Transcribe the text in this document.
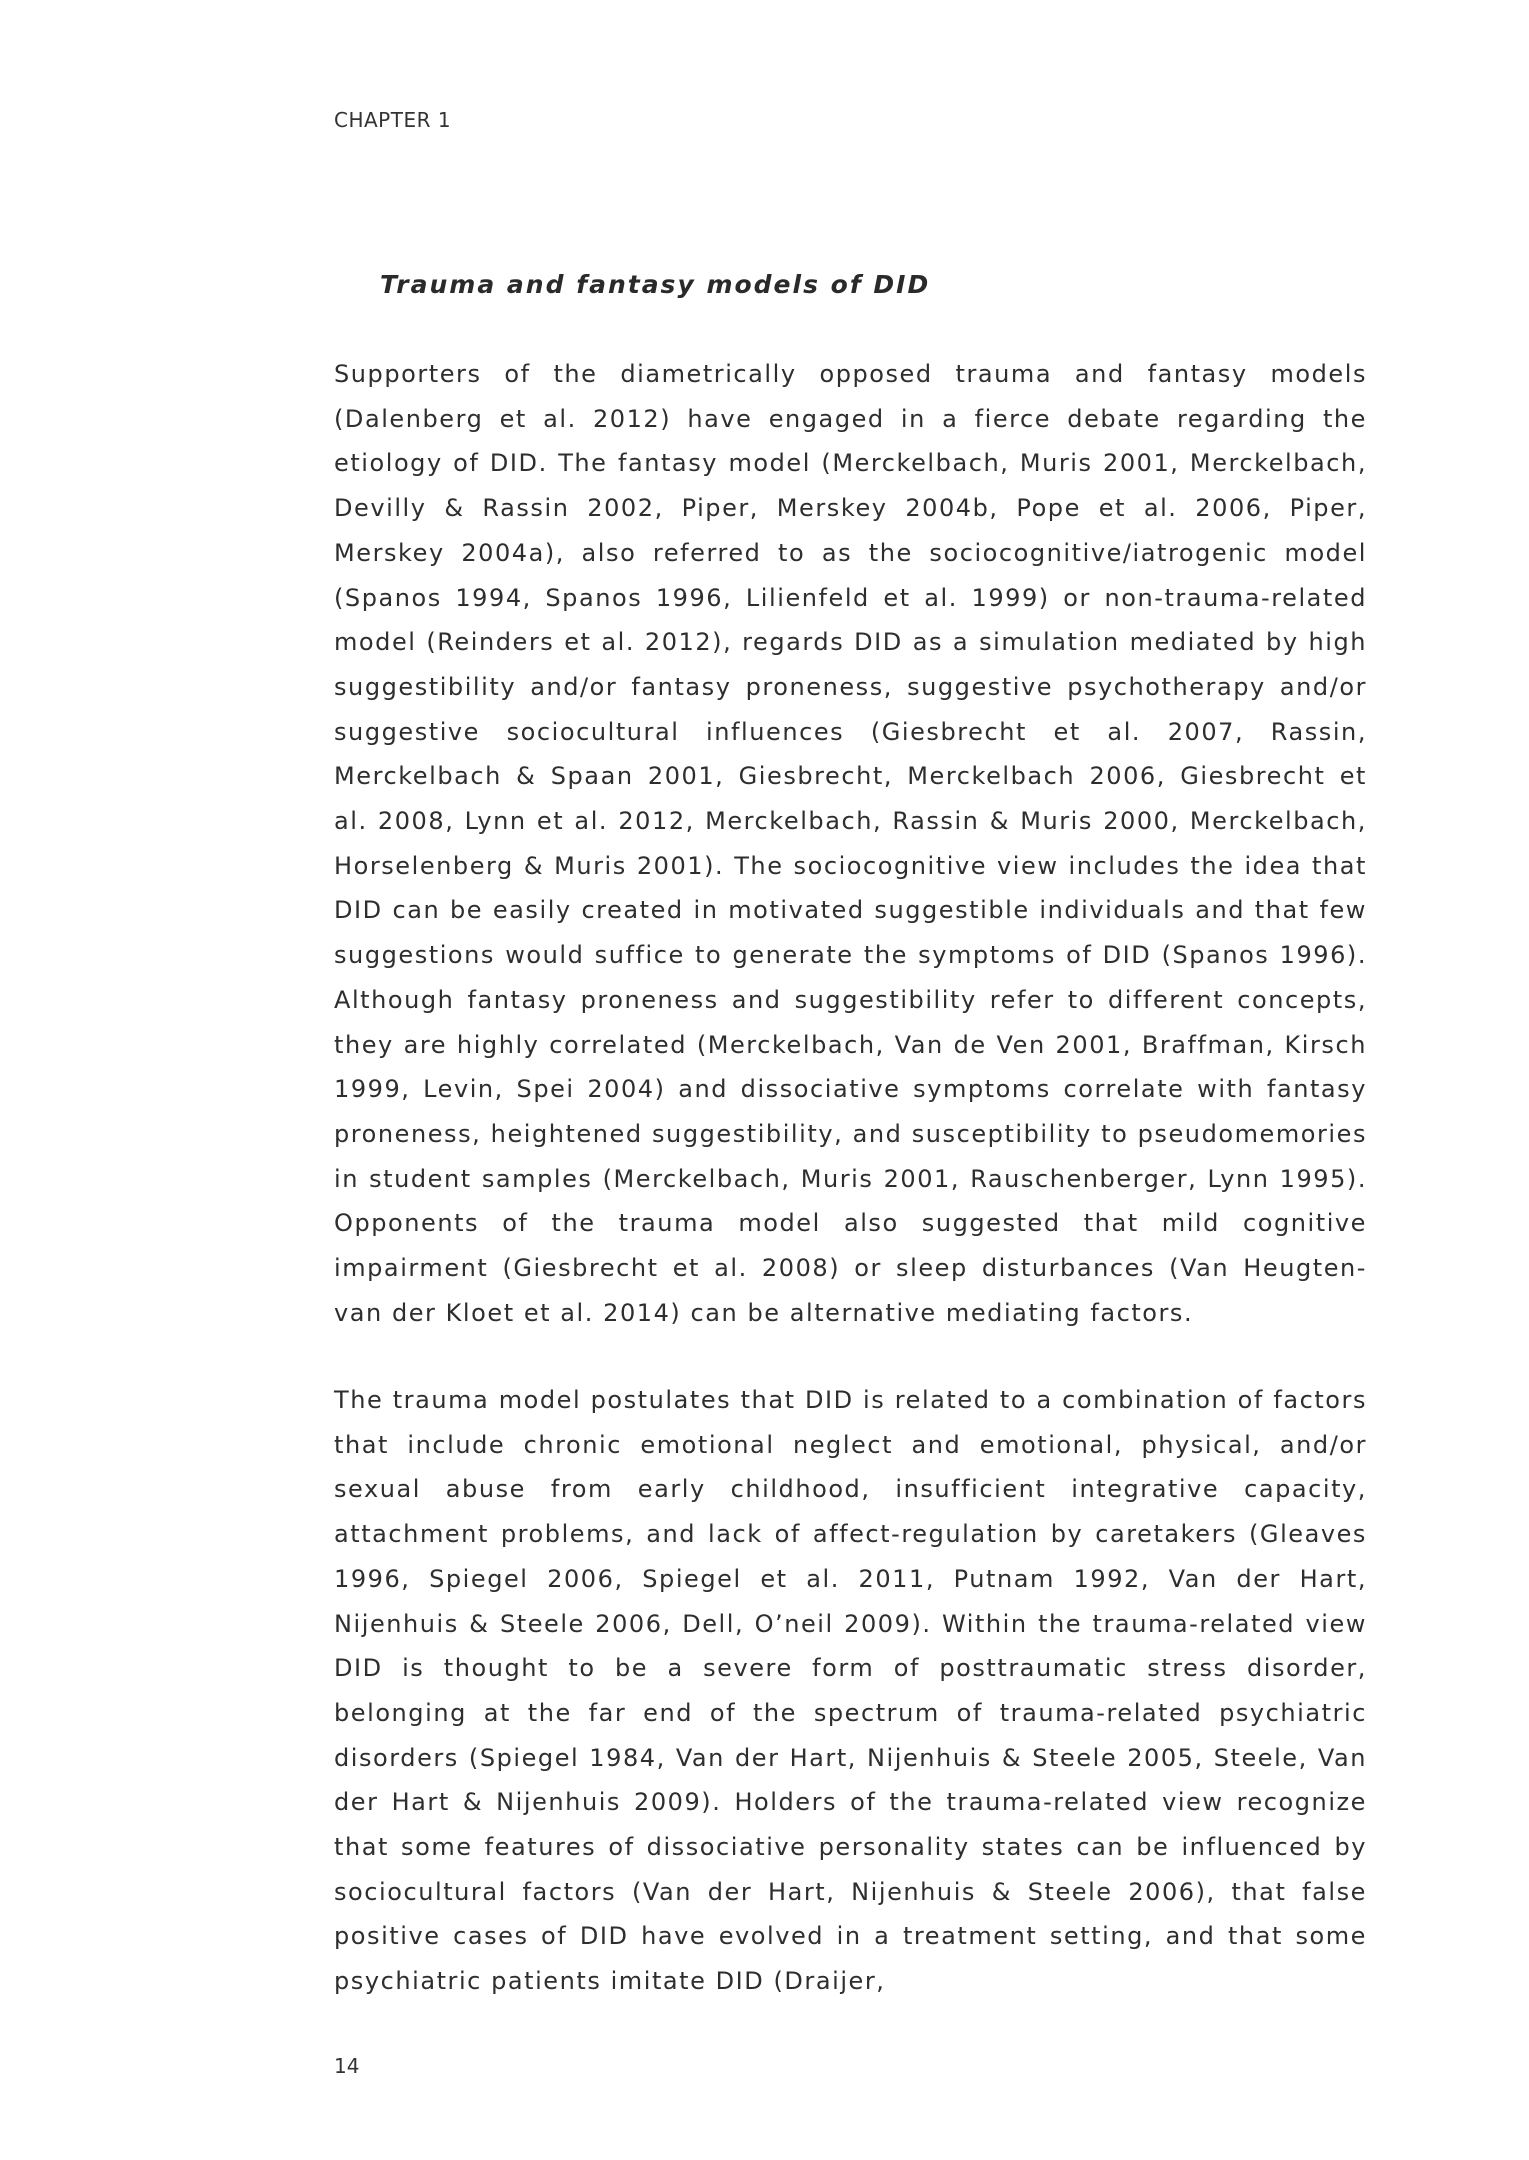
CHAPTER 1
Trauma and fantasy models of DID

Supporters of the diametrically opposed trauma and fantasy models (Dalenberg et al. 2012) have engaged in a fierce debate regarding the etiology of DID. The fantasy model (Merckelbach, Muris 2001, Merckelbach, Devilly & Rassin 2002, Piper, Merskey 2004b, Pope et al. 2006, Piper, Merskey 2004a), also referred to as the sociocognitive/iatrogenic model (Spanos 1994, Spanos 1996, Lilienfeld et al. 1999) or non-trauma-related model (Reinders et al. 2012), regards DID as a simulation mediated by high suggestibility and/or fantasy proneness, suggestive psychotherapy and/or suggestive sociocultural influences (Giesbrecht et al. 2007, Rassin, Merckelbach & Spaan 2001, Giesbrecht, Merckelbach 2006, Giesbrecht et al. 2008, Lynn et al. 2012, Merckelbach, Rassin & Muris 2000, Merckelbach, Horselenberg & Muris 2001). The sociocognitive view includes the idea that DID can be easily created in motivated suggestible individuals and that few suggestions would suffice to generate the symptoms of DID (Spanos 1996). Although fantasy proneness and suggestibility refer to different concepts, they are highly correlated (Merckelbach, Van de Ven 2001, Braffman, Kirsch 1999, Levin, Spei 2004) and dissociative symptoms correlate with fantasy proneness, heightened suggestibility, and susceptibility to pseudomemories in student samples (Merckelbach, Muris 2001, Rauschenberger, Lynn 1995). Opponents of the trauma model also suggested that mild cognitive impairment (Giesbrecht et al. 2008) or sleep disturbances (Van Heugten-van der Kloet et al. 2014) can be alternative mediating factors.

The trauma model postulates that DID is related to a combination of factors that include chronic emotional neglect and emotional, physical, and/or sexual abuse from early childhood, insufficient integrative capacity, attachment problems, and lack of affect-regulation by caretakers (Gleaves 1996, Spiegel 2006, Spiegel et al. 2011, Putnam 1992, Van der Hart, Nijenhuis & Steele 2006, Dell, O’neil 2009). Within the trauma-related view DID is thought to be a severe form of posttraumatic stress disorder, belonging at the far end of the spectrum of trauma-related psychiatric disorders (Spiegel 1984, Van der Hart, Nijenhuis & Steele 2005, Steele, Van der Hart & Nijenhuis 2009). Holders of the trauma-related view recognize that some features of dissociative personality states can be influenced by sociocultural factors (Van der Hart, Nijenhuis & Steele 2006), that false positive cases of DID have evolved in a treatment setting, and that some psychiatric patients imitate DID (Draijer,

14
